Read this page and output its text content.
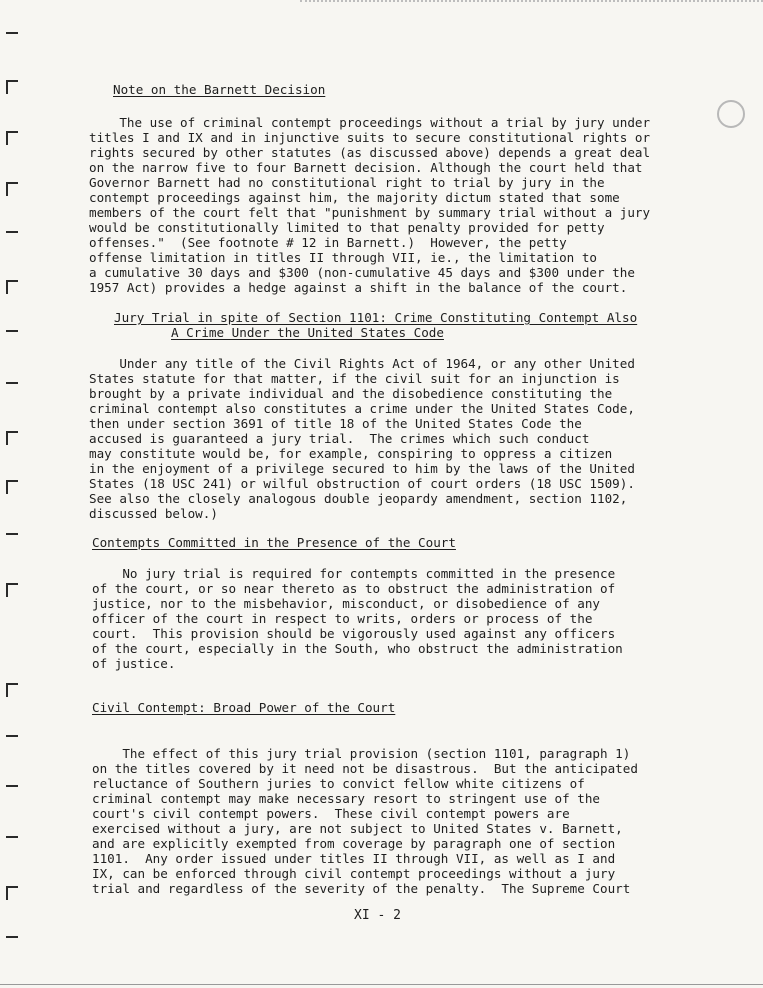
Note on the Barnett Decision
The use of criminal contempt proceedings without a trial by jury under
titles I and IX and in injunctive suits to secure constitutional rights or
rights secured by other statutes (as discussed above) depends a great deal
on the narrow five to four Barnett decision. Although the court held that
Governor Barnett had no constitutional right to trial by jury in the
contempt proceedings against him, the majority dictum stated that some
members of the court felt that "punishment by summary trial without a jury
would be constitutionally limited to that penalty provided for petty
offenses."  (See footnote # 12 in Barnett.)  However, the petty
offense limitation in titles II through VII, ie., the limitation to
a cumulative 30 days and $300 (non-cumulative 45 days and $300 under the
1957 Act) provides a hedge against a shift in the balance of the court.
Jury Trial in spite of Section 1101: Crime Constituting Contempt Also
A Crime Under the United States Code
Under any title of the Civil Rights Act of 1964, or any other United
States statute for that matter, if the civil suit for an injunction is
brought by a private individual and the disobedience constituting the
criminal contempt also constitutes a crime under the United States Code,
then under section 3691 of title 18 of the United States Code the
accused is guaranteed a jury trial.  The crimes which such conduct
may constitute would be, for example, conspiring to oppress a citizen
in the enjoyment of a privilege secured to him by the laws of the United
States (18 USC 241) or wilful obstruction of court orders (18 USC 1509).
See also the closely analogous double jeopardy amendment, section 1102,
discussed below.)
Contempts Committed in the Presence of the Court
No jury trial is required for contempts committed in the presence
of the court, or so near thereto as to obstruct the administration of
justice, nor to the misbehavior, misconduct, or disobedience of any
officer of the court in respect to writs, orders or process of the
court.  This provision should be vigorously used against any officers
of the court, especially in the South, who obstruct the administration
of justice.
Civil Contempt: Broad Power of the Court
The effect of this jury trial provision (section 1101, paragraph 1)
on the titles covered by it need not be disastrous.  But the anticipated
reluctance of Southern juries to convict fellow white citizens of
criminal contempt may make necessary resort to stringent use of the
court's civil contempt powers.  These civil contempt powers are
exercised without a jury, are not subject to United States v. Barnett,
and are explicitly exempted from coverage by paragraph one of section
1101.  Any order issued under titles II through VII, as well as I and
IX, can be enforced through civil contempt proceedings without a jury
trial and regardless of the severity of the penalty.  The Supreme Court
XI - 2
